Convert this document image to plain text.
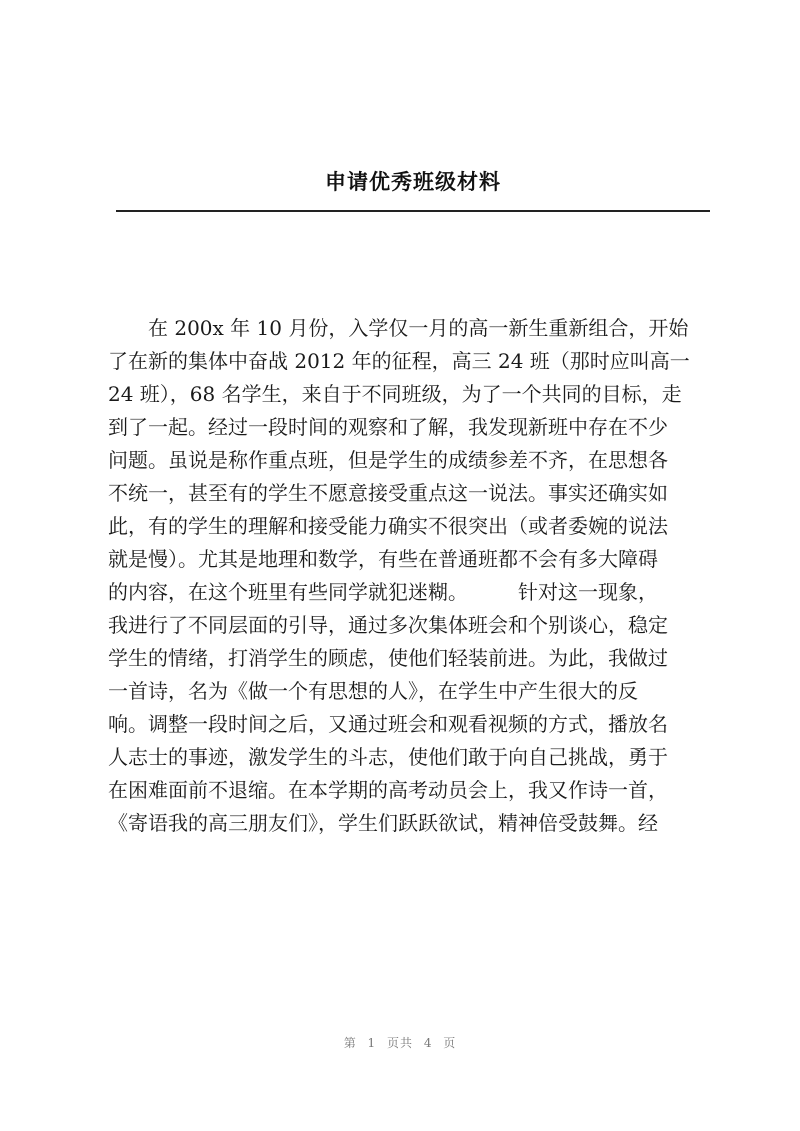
申请优秀班级材料
在 200x 年 10 月份，入学仅一月的高一新生重新组合，开始
了在新的集体中奋战 2012 年的征程，高三 24 班（那时应叫高一
24 班），68 名学生，来自于不同班级，为了一个共同的目标，走
到了一起。经过一段时间的观察和了解，我发现新班中存在不少
问题。虽说是称作重点班，但是学生的成绩参差不齐，在思想各
不统一，甚至有的学生不愿意接受重点这一说法。事实还确实如
此，有的学生的理解和接受能力确实不很突出（或者委婉的说法
就是慢）。尤其是地理和数学，有些在普通班都不会有多大障碍
的内容，在这个班里有些同学就犯迷糊。　　　针对这一现象，
我进行了不同层面的引导，通过多次集体班会和个别谈心，稳定
学生的情绪，打消学生的顾虑，使他们轻装前进。为此，我做过
一首诗，名为《做一个有思想的人》，在学生中产生很大的反
响。调整一段时间之后，又通过班会和观看视频的方式，播放名
人志士的事迹，激发学生的斗志，使他们敢于向自己挑战，勇于
在困难面前不退缩。在本学期的高考动员会上，我又作诗一首，
《寄语我的高三朋友们》，学生们跃跃欲试，精神倍受鼓舞。经
第 1 页共 4 页
